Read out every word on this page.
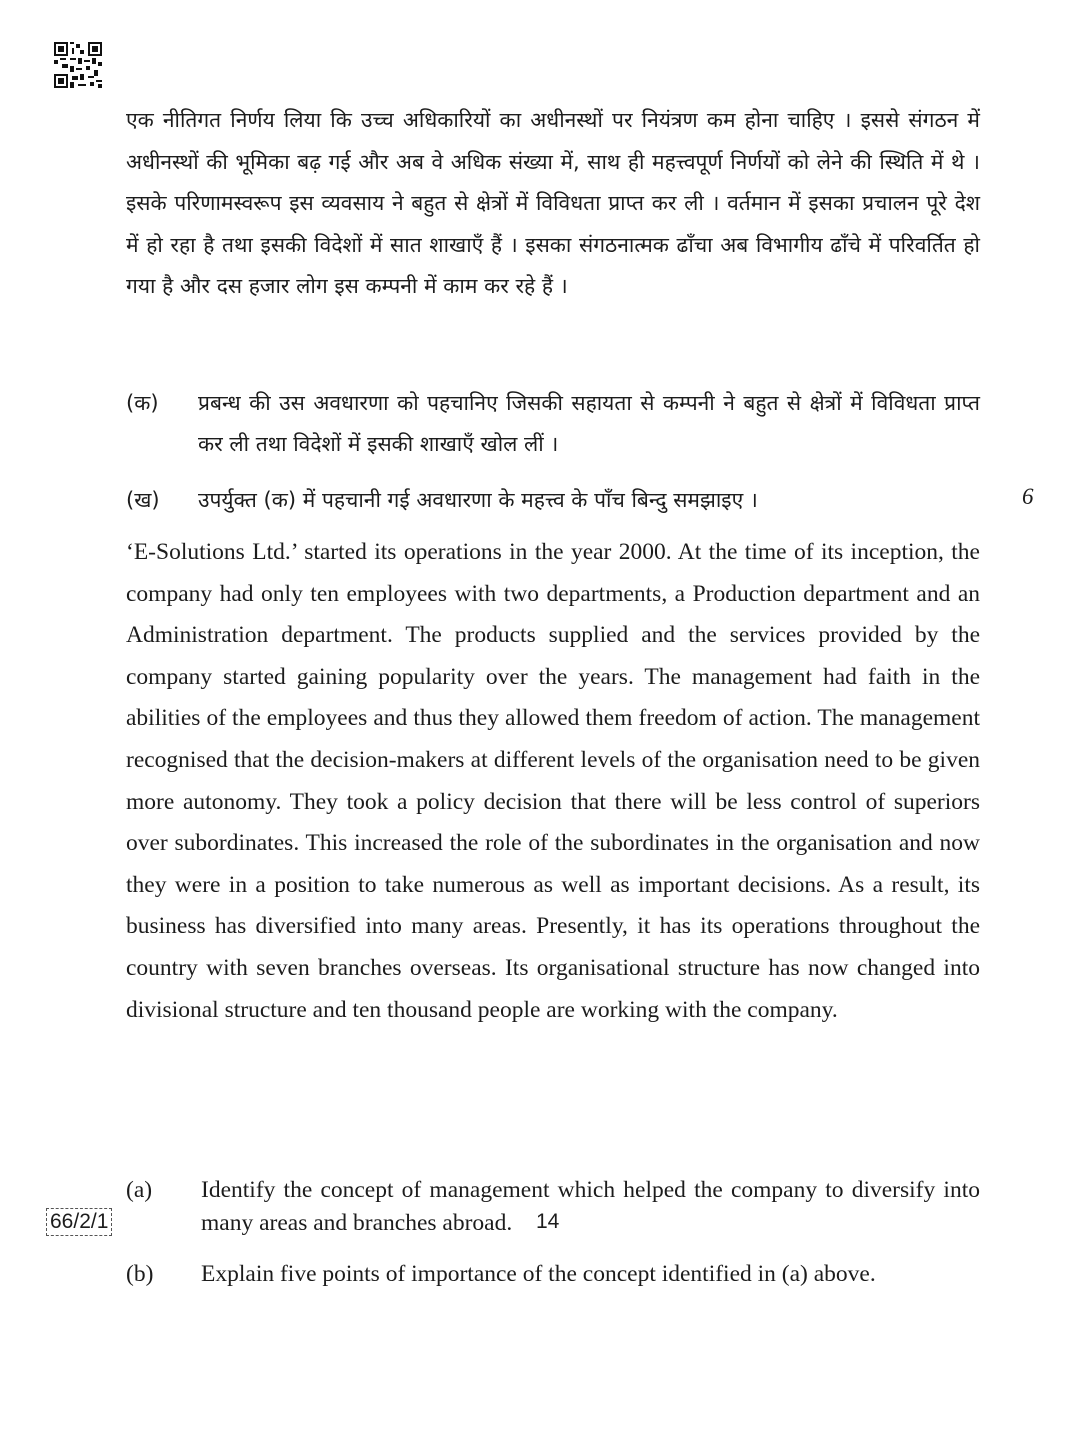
एक नीतिगत निर्णय लिया कि उच्च अधिकारियों का अधीनस्थों पर नियंत्रण कम होना चाहिए । इससे संगठन में अधीनस्थों की भूमिका बढ़ गई और अब वे अधिक संख्या में, साथ ही महत्त्वपूर्ण निर्णयों को लेने की स्थिति में थे । इसके परिणामस्वरूप इस व्यवसाय ने बहुत से क्षेत्रों में विविधता प्राप्त कर ली । वर्तमान में इसका प्रचालन पूरे देश में हो रहा है तथा इसकी विदेशों में सात शाखाएँ हैं । इसका संगठनात्मक ढाँचा अब विभागीय ढाँचे में परिवर्तित हो गया है और दस हजार लोग इस कम्पनी में काम कर रहे हैं ।
(क) प्रबन्ध की उस अवधारणा को पहचानिए जिसकी सहायता से कम्पनी ने बहुत से क्षेत्रों में विविधता प्राप्त कर ली तथा विदेशों में इसकी शाखाएँ खोल लीं ।
(ख) उपर्युक्त (क) में पहचानी गई अवधारणा के महत्त्व के पाँच बिन्दु समझाइए ।	6
‘E-Solutions Ltd.’ started its operations in the year 2000. At the time of its inception, the company had only ten employees with two departments, a Production department and an Administration department. The products supplied and the services provided by the company started gaining popularity over the years. The management had faith in the abilities of the employees and thus they allowed them freedom of action. The management recognised that the decision-makers at different levels of the organisation need to be given more autonomy. They took a policy decision that there will be less control of superiors over subordinates. This increased the role of the subordinates in the organisation and now they were in a position to take numerous as well as important decisions. As a result, its business has diversified into many areas. Presently, it has its operations throughout the country with seven branches overseas. Its organisational structure has now changed into divisional structure and ten thousand people are working with the company.
(a) Identify the concept of management which helped the company to diversify into many areas and branches abroad.
(b) Explain five points of importance of the concept identified in (a) above.
66/2/1	14
